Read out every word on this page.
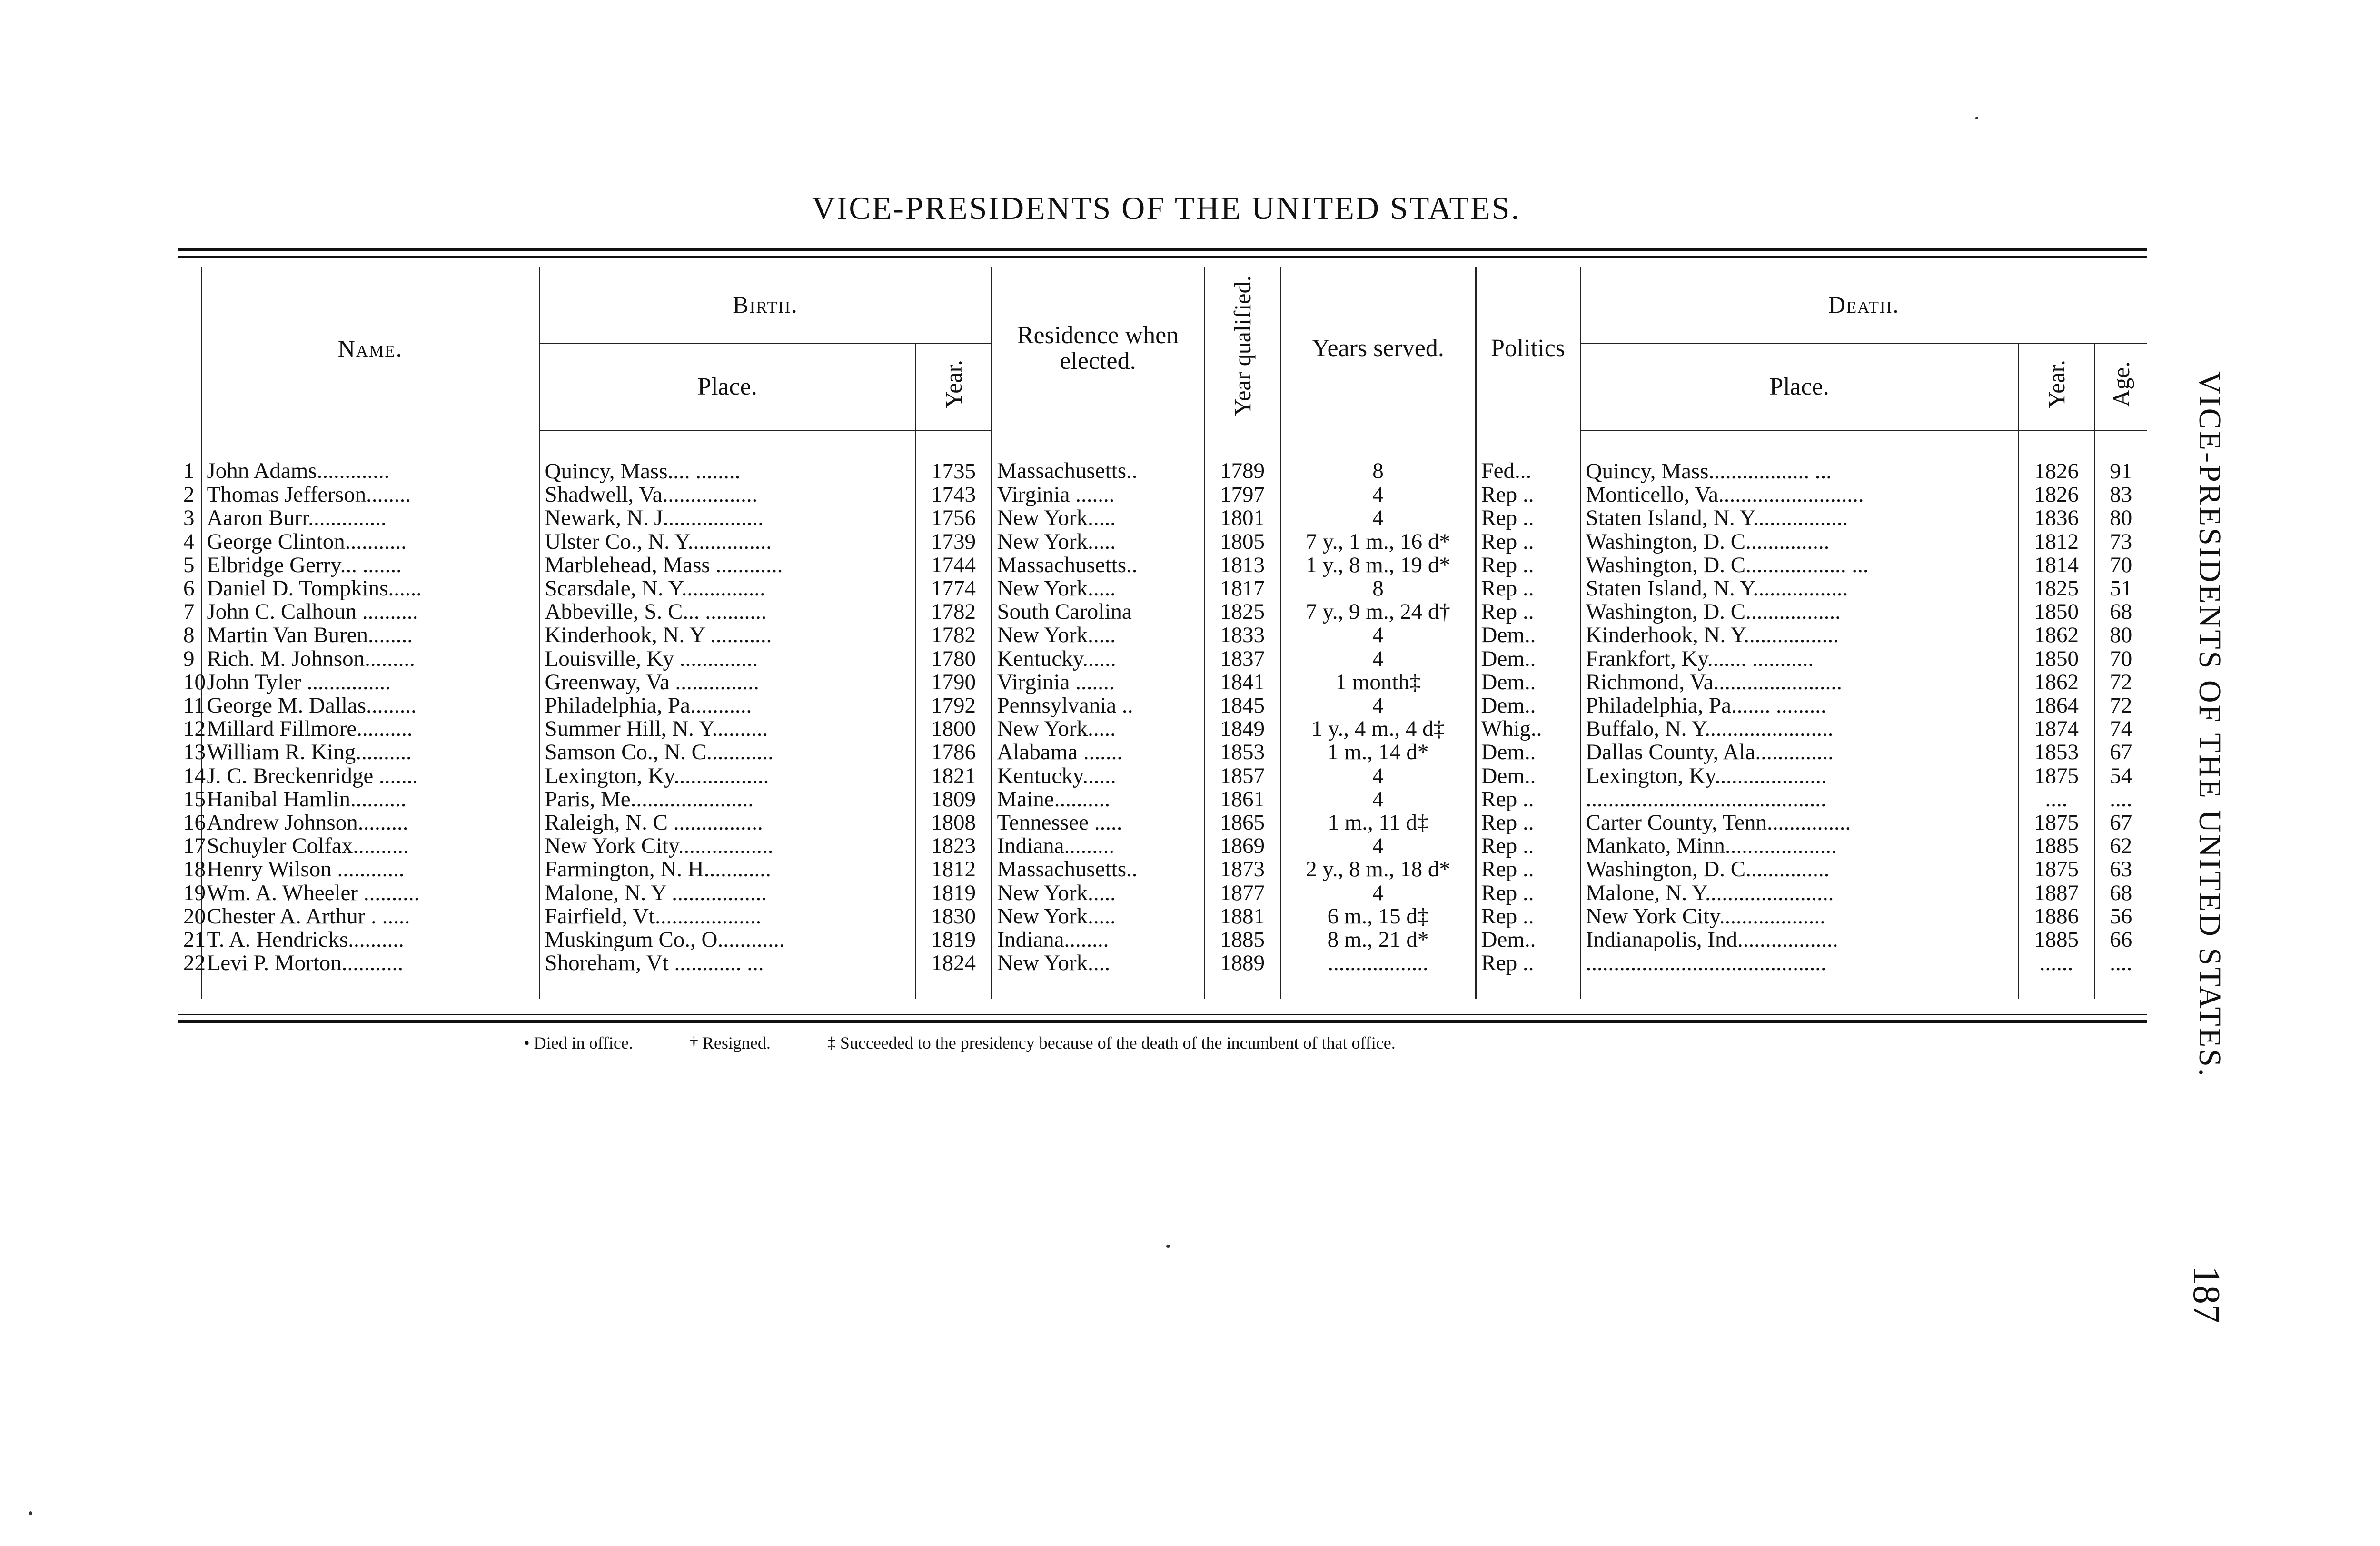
VICE-PRESIDENTS OF THE UNITED STATES.
	Name.	Birth.		Residence when elected.	Year qualified.	Years served.	Politics	Death.		
		Place.	Year.					Place.	Year.	Age.
1	John Adams.............	Quincy, Mass.... ........	1735	Massachusetts..	1789	8	Fed...	Quincy, Mass.................. ...	1826	91
2	Thomas Jefferson........	Shadwell, Va.................	1743	Virginia .......	1797	4	Rep ..	Monticello, Va..........................	1826	83
3	Aaron Burr..............	Newark, N. J..................	1756	New York.....	1801	4	Rep ..	Staten Island, N. Y.................	1836	80
4	George Clinton...........	Ulster Co., N. Y...............	1739	New York.....	1805	7 y., 1 m., 16 d*	Rep ..	Washington, D. C...............	1812	73
5	Elbridge Gerry... .......	Marblehead, Mass ............	1744	Massachusetts..	1813	1 y., 8 m., 19 d*	Rep ..	Washington, D. C.................. ...	1814	70
6	Daniel D. Tompkins......	Scarsdale, N. Y...............	1774	New York.....	1817	8	Rep ..	Staten Island, N. Y.................	1825	51
7	John C. Calhoun ..........	Abbeville, S. C... ...........	1782	South Carolina	1825	7 y., 9 m., 24 d†	Rep ..	Washington, D. C.................	1850	68
8	Martin Van Buren........	Kinderhook, N. Y ...........	1782	New York.....	1833	4	Dem..	Kinderhook, N. Y.................	1862	80
9	Rich. M. Johnson.........	Louisville, Ky ..............	1780	Kentucky......	1837	4	Dem..	Frankfort, Ky....... ...........	1850	70
10	John Tyler ...............	Greenway, Va ...............	1790	Virginia .......	1841	1 month‡	Dem..	Richmond, Va.......................	1862	72
11	George M. Dallas.........	Philadelphia, Pa...........	1792	Pennsylvania ..	1845	4	Dem..	Philadelphia, Pa....... .........	1864	72
12	Millard Fillmore..........	Summer Hill, N. Y..........	1800	New York.....	1849	1 y., 4 m., 4 d‡	Whig..	Buffalo, N. Y.......................	1874	74
13	William R. King..........	Samson Co., N. C............	1786	Alabama .......	1853	1 m., 14 d*	Dem..	Dallas County, Ala..............	1853	67
14	J. C. Breckenridge .......	Lexington, Ky.................	1821	Kentucky......	1857	4	Dem..	Lexington, Ky....................	1875	54
15	Hanibal Hamlin..........	Paris, Me......................	1809	Maine..........	1861	4	Rep ..	...........................................	....	....
16	Andrew Johnson.........	Raleigh, N. C ................	1808	Tennessee .....	1865	1 m., 11 d‡	Rep ..	Carter County, Tenn...............	1875	67
17	Schuyler Colfax..........	New York City.................	1823	Indiana.........	1869	4	Rep ..	Mankato, Minn....................	1885	62
18	Henry Wilson ............	Farmington, N. H............	1812	Massachusetts..	1873	2 y., 8 m., 18 d*	Rep ..	Washington, D. C...............	1875	63
19	Wm. A. Wheeler ..........	Malone, N. Y .................	1819	New York.....	1877	4	Rep ..	Malone, N. Y.......................	1887	68
20	Chester A. Arthur . .....	Fairfield, Vt...................	1830	New York.....	1881	6 m., 15 d‡	Rep ..	New York City...................	1886	56
21	T. A. Hendricks..........	Muskingum Co., O............	1819	Indiana........	1885	8 m., 21 d*	Dem..	Indianapolis, Ind..................	1885	66
22	Levi P. Morton...........	Shoreham, Vt ............ ...	1824	New York....	1889	..................	Rep ..	...........................................	......	....
• Died in office.	† Resigned.	‡ Succeeded to the presidency because of the death of the incumbent of that office.	VICE-PRESIDENTS OF THE UNITED STATES.
187
